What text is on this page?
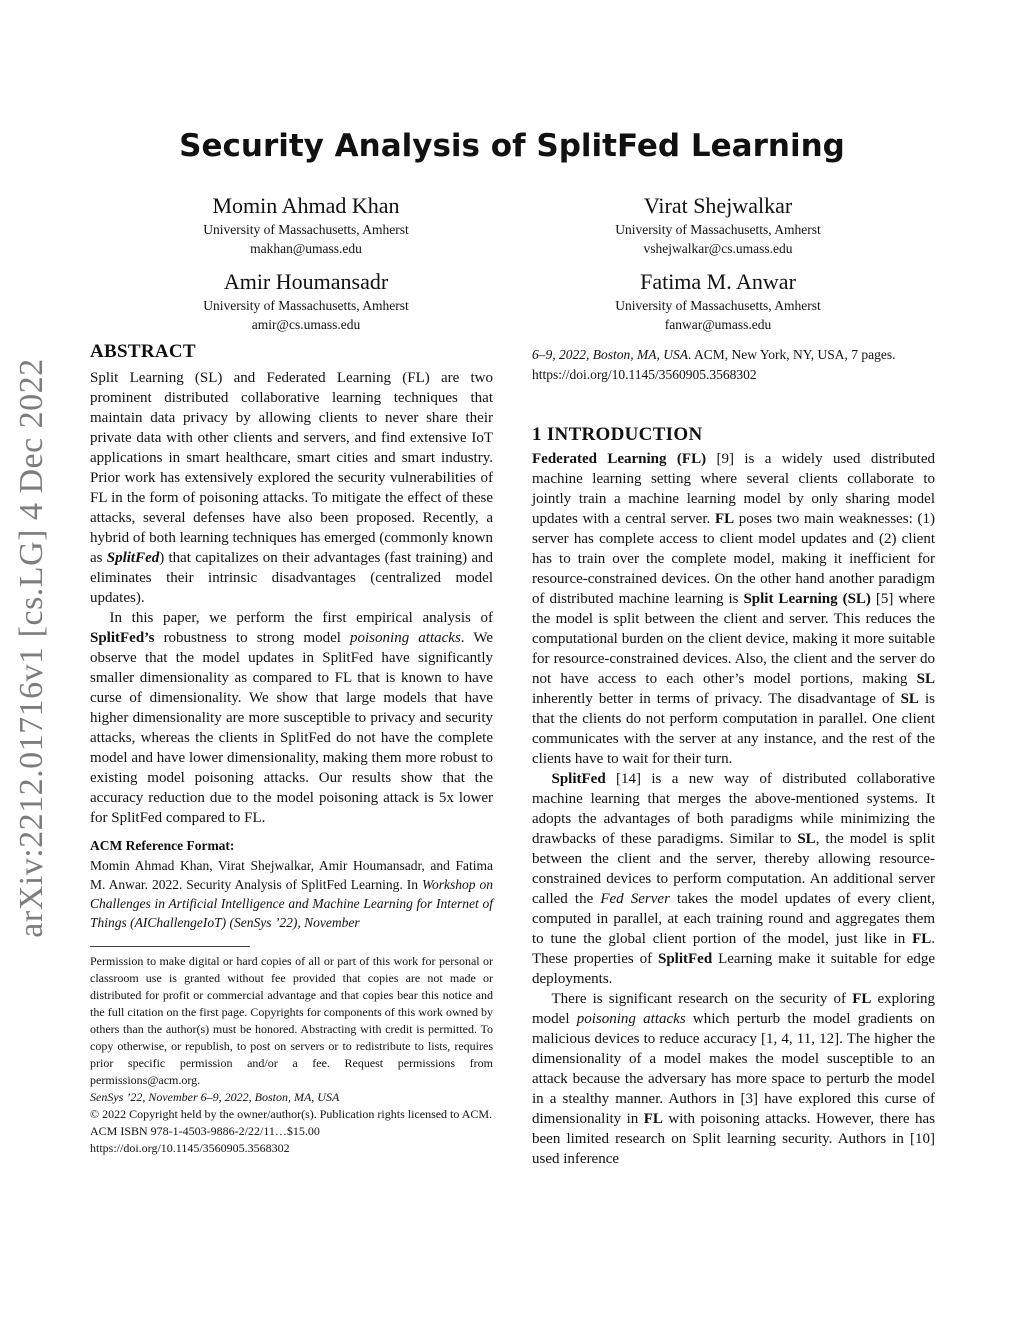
arXiv:2212.01716v1 [cs.LG] 4 Dec 2022
Security Analysis of SplitFed Learning
Momin Ahmad Khan
University of Massachusetts, Amherst
makhan@umass.edu
Virat Shejwalkar
University of Massachusetts, Amherst
vshejwalkar@cs.umass.edu
Amir Houmansadr
University of Massachusetts, Amherst
amir@cs.umass.edu
Fatima M. Anwar
University of Massachusetts, Amherst
fanwar@umass.edu
ABSTRACT

Split Learning (SL) and Federated Learning (FL) are two prominent distributed collaborative learning techniques that maintain data privacy by allowing clients to never share their private data with other clients and servers, and find extensive IoT applications in smart healthcare, smart cities and smart industry. Prior work has extensively explored the security vulnerabilities of FL in the form of poisoning attacks. To mitigate the effect of these attacks, several defenses have also been proposed. Recently, a hybrid of both learning techniques has emerged (commonly known as SplitFed) that capitalizes on their advantages (fast training) and eliminates their intrinsic disadvantages (centralized model updates).

In this paper, we perform the first empirical analysis of SplitFed’s robustness to strong model poisoning attacks. We observe that the model updates in SplitFed have significantly smaller dimensionality as compared to FL that is known to have curse of dimensionality. We show that large models that have higher dimensionality are more susceptible to privacy and security attacks, whereas the clients in SplitFed do not have the complete model and have lower dimensionality, making them more robust to existing model poisoning attacks. Our results show that the accuracy reduction due to the model poisoning attack is 5x lower for SplitFed compared to FL.

ACM Reference Format:

Momin Ahmad Khan, Virat Shejwalkar, Amir Houmansadr, and Fatima M. Anwar. 2022. Security Analysis of SplitFed Learning. In Workshop on Challenges in Artificial Intelligence and Machine Learning for Internet of Things (AIChallengeIoT) (SenSys ’22), November

Permission to make digital or hard copies of all or part of this work for personal or classroom use is granted without fee provided that copies are not made or distributed for profit or commercial advantage and that copies bear this notice and the full citation on the first page. Copyrights for components of this work owned by others than the author(s) must be honored. Abstracting with credit is permitted. To copy otherwise, or republish, to post on servers or to redistribute to lists, requires prior specific permission and/or a fee. Request permissions from permissions@acm.org.

SenSys ’22, November 6–9, 2022, Boston, MA, USA

© 2022 Copyright held by the owner/author(s). Publication rights licensed to ACM.

ACM ISBN 978-1-4503-9886-2/22/11…$15.00

https://doi.org/10.1145/3560905.3568302

6–9, 2022, Boston, MA, USA. ACM, New York, NY, USA, 7 pages. https://doi.org/10.1145/3560905.3568302
1 INTRODUCTION

Federated Learning (FL) [9] is a widely used distributed machine learning setting where several clients collaborate to jointly train a machine learning model by only sharing model updates with a central server. FL poses two main weaknesses: (1) server has complete access to client model updates and (2) client has to train over the complete model, making it inefficient for resource-constrained devices. On the other hand another paradigm of distributed machine learning is Split Learning (SL) [5] where the model is split between the client and server. This reduces the computational burden on the client device, making it more suitable for resource-constrained devices. Also, the client and the server do not have access to each other’s model portions, making SL inherently better in terms of privacy. The disadvantage of SL is that the clients do not perform computation in parallel. One client communicates with the server at any instance, and the rest of the clients have to wait for their turn.

SplitFed [14] is a new way of distributed collaborative machine learning that merges the above-mentioned systems. It adopts the advantages of both paradigms while minimizing the drawbacks of these paradigms. Similar to SL, the model is split between the client and the server, thereby allowing resource-constrained devices to perform computation. An additional server called the Fed Server takes the model updates of every client, computed in parallel, at each training round and aggregates them to tune the global client portion of the model, just like in FL. These properties of SplitFed Learning make it suitable for edge deployments.

There is significant research on the security of FL exploring model poisoning attacks which perturb the model gradients on malicious devices to reduce accuracy [1, 4, 11, 12]. The higher the dimensionality of a model makes the model susceptible to an attack because the adversary has more space to perturb the model in a stealthy manner. Authors in [3] have explored this curse of dimensionality in FL with poisoning attacks. However, there has been limited research on Split learning security. Authors in [10] used inference
